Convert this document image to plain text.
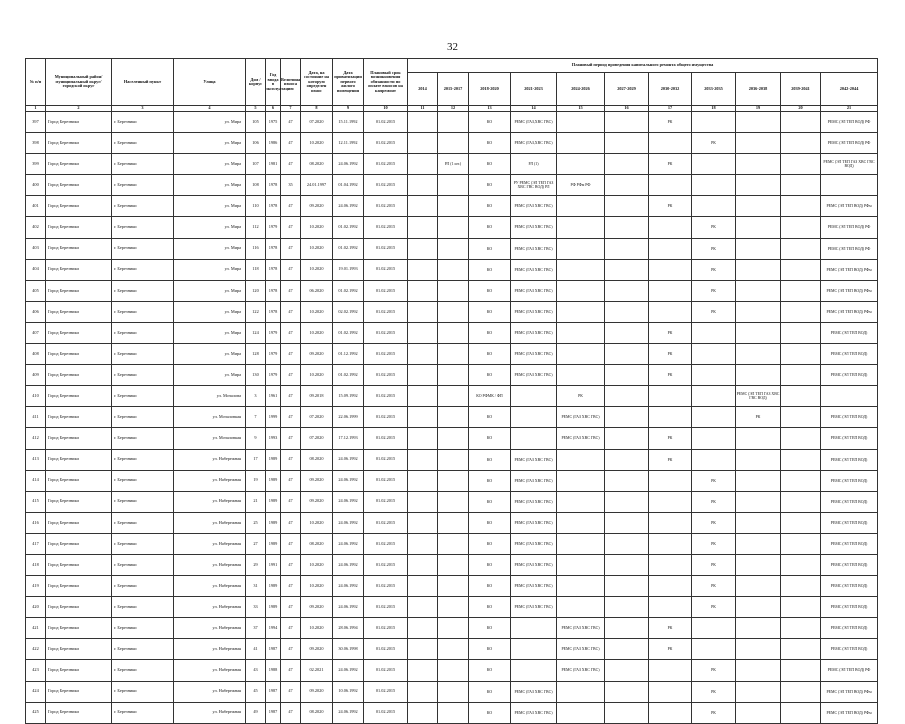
32
№ п/п	Муниципальный район/ муниципальный округ/городской округ	Населенный пункт	Улица	Дом / корпус	Год ввода в эксплуатацию	Величина износа	Дата, на состояние на которую определен износ	Дата приватизации первого жилого помещения	Плановый срок возникновения обязанности по оплате взносов на капремонт	Плановый период проведения капитального ремонта общего имущества										
										2014	2015-2017	2018-2020	2021-2023	2024-2026	2027-2029	2030-2032	2033-2035	2036-2038	2039-2041	2042-2044
1	2	3	4	5	6	7	8	9	10	11	12	13	14	15	16	17	18	19	20	21
397	Город Березники	г. Березники	ул. Мира	105	1975	47	07.2020	15.11.1992	01.02.2015			КО	РЕМС (ГАЗ,ХВС ГВС)			РК				РЕМС (ЭЛ ТЕП ВОД) РФ
398	Город Березники	г. Березники	ул. Мира	106	1986	47	10.2020	12.11.1992	01.02.2015			КО	РЕМС (ГАЗ,ХВС ГВС)				РК			РЕМС (ЭЛ ТЕП ВОД) РФ
399	Город Березники	г. Березники	ул. Мира	107	1981	47	08.2020	24.06.1992	01.02.2015		РЛ (1 шт.)	КО	РЛ (1)			РК				РЕМС (ЭЛ ТЕП ГАЗ ХВС ГВС ВОД)
400	Город Березники	г. Березники	ул. Мира	108	1978	35	24.01.1997	01.04.1992	01.02.2015			КО	РУ РЕМС (ЭЛ ТЕП ГАЗ ХВС ГВС ВОД) РЛ	РФ РФм РФ						
401	Город Березники	г. Березники	ул. Мира	110	1978	47	09.2020	24.06.1992	01.02.2015			КО	РЕМС (ГАЗ ХВС ГВС)			РК				РЕМС (ЭЛ ТЕП ВОД) РФм
402	Город Березники	г. Березники	ул. Мира	112	1979	47	10.2020	01.02.1992	01.02.2015			КО	РЕМС (ГАЗ ХВС ГВС)				РК			РЕМС (ЭЛ ТЕП ВОД) РФ
403	Город Березники	г. Березники	ул. Мира	116	1978	47	10.2020	01.02.1992	01.02.2015			КО	РЕМС (ГАЗ ХВС ГВС)				РК			РЕМС (ЭЛ ТЕП ВОД) РФ
404	Город Березники	г. Березники	ул. Мира	118	1978	47	10.2020	19.01.1993	01.02.2015			КО	РЕМС (ГАЗ ХВС ГВС)				РК			РЕМС (ЭЛ ТЕП ВОД) РФм
405	Город Березники	г. Березники	ул. Мира	120	1978	47	06.2020	01.02.1992	01.02.2015			КО	РЕМС (ГАЗ ХВС ГВС)				РК			РЕМС (ЭЛ ТЕП ВОД) РФм
406	Город Березники	г. Березники	ул. Мира	122	1978	47	10.2020	02.02.1992	01.02.2015			КО	РЕМС (ГАЗ ХВС ГВС)				РК			РЕМС (ЭЛ ТЕП ВОД) РФм
407	Город Березники	г. Березники	ул. Мира	124	1979	47	10.2020	01.02.1992	01.02.2015			КО	РЕМС (ГАЗ ХВС ГВС)			РК				РЕМС (ЭЛ ТЕП ВОД)
408	Город Березники	г. Березники	ул. Мира	128	1979	47	09.2020	01.12.1992	01.02.2015			КО	РЕМС (ГАЗ ХВС ГВС)			РК				РЕМС (ЭЛ ТЕП ВОД)
409	Город Березники	г. Березники	ул. Мира	130	1979	47	10.2020	01.02.1992	01.02.2015			КО	РЕМС (ГАЗ ХВС ГВС)			РК				РЕМС (ЭЛ ТЕП ВОД)
410	Город Березники	г. Березники	ул. Мочалова	3	1961	47	09.2018	15.09.1992	01.02.2015			КО РФМК / ФП		РК				РЕМС (ЭЛ ТЕП ГАЗ ХВС ГВС ВОД)		
411	Город Березники	г. Березники	ул. Мочаловкая	7	1999	47	07.2020	22.06.1999	01.02.2015			КО		РЕМС (ГАЗ ХВС ГВС)				РК		РЕМС (ЭЛ ТЕП ВОД)
412	Город Березники	г. Березники	ул. Мочаловкая	9	1993	47	07.2020	17.12.1993	01.02.2015			КО		РЕМС (ГАЗ ХВС ГВС)		РК				РЕМС (ЭЛ ТЕП ВОД)
413	Город Березники	г. Березники	ул. Набережная	17	1989	47	08.2020	24.06.1992	01.02.2015			КО	РЕМС (ГАЗ ХВС ГВС)			РК				РЕМС (ЭЛ ТЕП ВОД)
414	Город Березники	г. Березники	ул. Набережная	19	1989	47	09.2020	24.06.1992	01.02.2015			КО	РЕМС (ГАЗ ХВС ГВС)				РК			РЕМС (ЭЛ ТЕП ВОД)
415	Город Березники	г. Березники	ул. Набережная	21	1989	47	09.2020	24.06.1992	01.02.2015			КО	РЕМС (ГАЗ ХВС ГВС)				РК			РЕМС (ЭЛ ТЕП ВОД)
416	Город Березники	г. Березники	ул. Набережная	25	1989	47	10.2020	24.06.1992	01.02.2015			КО	РЕМС (ГАЗ ХВС ГВС)				РК			РЕМС (ЭЛ ТЕП ВОД)
417	Город Березники	г. Березники	ул. Набережная	27	1989	47	08.2020	24.06.1992	01.02.2015			КО	РЕМС (ГАЗ ХВС ГВС)				РК			РЕМС (ЭЛ ТЕП ВОД)
418	Город Березники	г. Березники	ул. Набережная	29	1991	47	10.2020	24.06.1992	01.02.2015			КО	РЕМС (ГАЗ ХВС ГВС)				РК			РЕМС (ЭЛ ТЕП ВОД)
419	Город Березники	г. Березники	ул. Набережная	31	1989	47	10.2020	24.06.1992	01.02.2015			КО	РЕМС (ГАЗ ХВС ГВС)				РК			РЕМС (ЭЛ ТЕП ВОД)
420	Город Березники	г. Березники	ул. Набережная	33	1989	47	09.2020	24.06.1992	01.02.2015			КО	РЕМС (ГАЗ ХВС ГВС)				РК			РЕМС (ЭЛ ТЕП ВОД)
421	Город Березники	г. Березники	ул. Набережная	37	1994	47	10.2020	28.06.1994	01.02.2015			КО		РЕМС (ГАЗ ХВС ГВС)		РК				РЕМС (ЭЛ ТЕП ВОД)
422	Город Березники	г. Березники	ул. Набережная	41	1987	47	09.2020	30.06.1998	01.02.2015			КО		РЕМС (ГАЗ ХВС ГВС)		РК				РЕМС (ЭЛ ТЕП ВОД)
423	Город Березники	г. Березники	ул. Набережная	43	1988	47	02.2021	24.06.1992	01.02.2015			КО		РЕМС (ГАЗ ХВС ГВС)			РК			РЕМС (ЭЛ ТЕП ВОД) РФ
424	Город Березники	г. Березники	ул. Набережная	45	1987	47	09.2020	10.06.1992	01.02.2015			КО	РЕМС (ГАЗ ХВС ГВС)				РК			РЕМС (ЭЛ ТЕП ВОД) РФм
425	Город Березники	г. Березники	ул. Набережная	49	1987	47	08.2020	24.06.1992	01.02.2015			КО	РЕМС (ГАЗ ХВС ГВС)				РК			РЕМС (ЭЛ ТЕП ВОД) РФм
